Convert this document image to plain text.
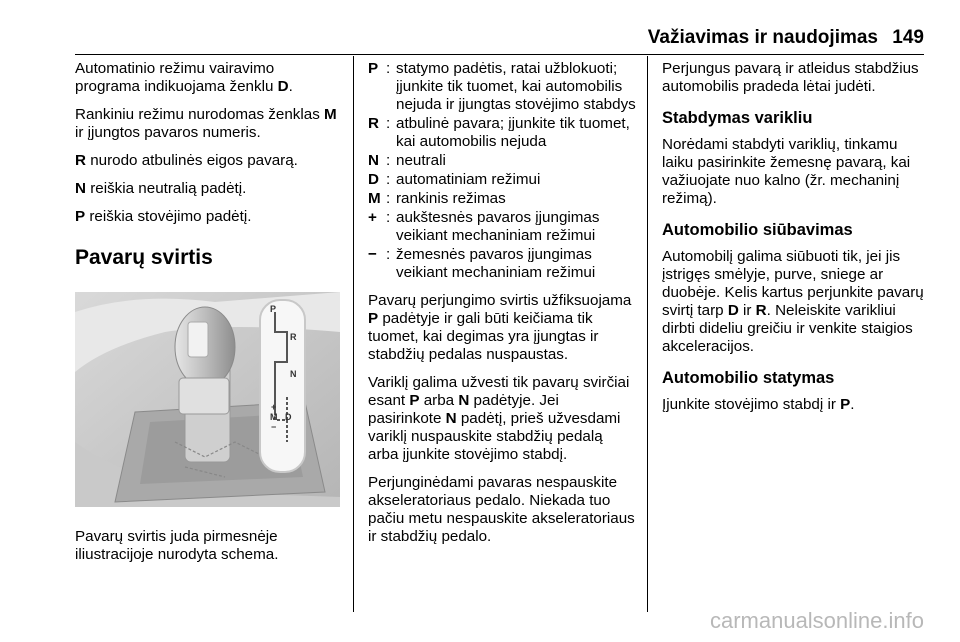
Važiavimas ir naudojimas 149

Automatinio režimu vairavimo programa indikuojama ženklu D.

Rankiniu režimu nurodomas ženklas M ir įjungtos pavaros numeris.

R nurodo atbulinės eigos pavarą.

N reiškia neutralią padėtį.

P reiškia stovėjimo padėtį.

Pavarų svirtis
P
R
N
+
M D
−

Pavarų svirtis juda pirmesnėje iliustracijoje nurodyta schema.

P : statymo padėtis, ratai užblokuoti; įjunkite tik tuomet, kai automobilis nejuda ir įjungtas stovėjimo stabdys
R : atbulinė pavara; įjunkite tik tuomet, kai automobilis nejuda
N : neutrali
D : automatiniam režimui
M : rankinis režimas
+ : aukštesnės pavaros įjungimas veikiant mechaniniam režimui
− : žemesnės pavaros įjungimas veikiant mechaniniam režimui

Pavarų perjungimo svirtis užfiksuojama P padėtyje ir gali būti keičiama tik tuomet, kai degimas yra įjungtas ir stabdžių pedalas nuspaustas.

Variklį galima užvesti tik pavarų svirčiai esant P arba N padėtyje. Jei pasirinkote N padėtį, prieš užvesdami variklį nuspauskite stabdžių pedalą arba įjunkite stovėjimo stabdį.

Perjunginėdami pavaras nespauskite akseleratoriaus pedalo. Niekada tuo pačiu metu nespauskite akseleratoriaus ir stabdžių pedalo.

Perjungus pavarą ir atleidus stabdžius automobilis pradeda lėtai judėti.

Stabdymas varikliu

Norėdami stabdyti variklių, tinkamu laiku pasirinkite žemesnę pavarą, kai važiuojate nuo kalno (žr. mechaninį režimą).

Automobilio siūbavimas

Automobilį galima siūbuoti tik, jei jis įstrigęs smėlyje, purve, sniege ar duobėje. Kelis kartus perjunkite pavarų svirtį tarp D ir R. Neleiskite varikliui dirbti dideliu greičiu ir venkite staigios akceleracijos.

Automobilio statymas

Įjunkite stovėjimo stabdį ir P.

carmanualsonline.info
